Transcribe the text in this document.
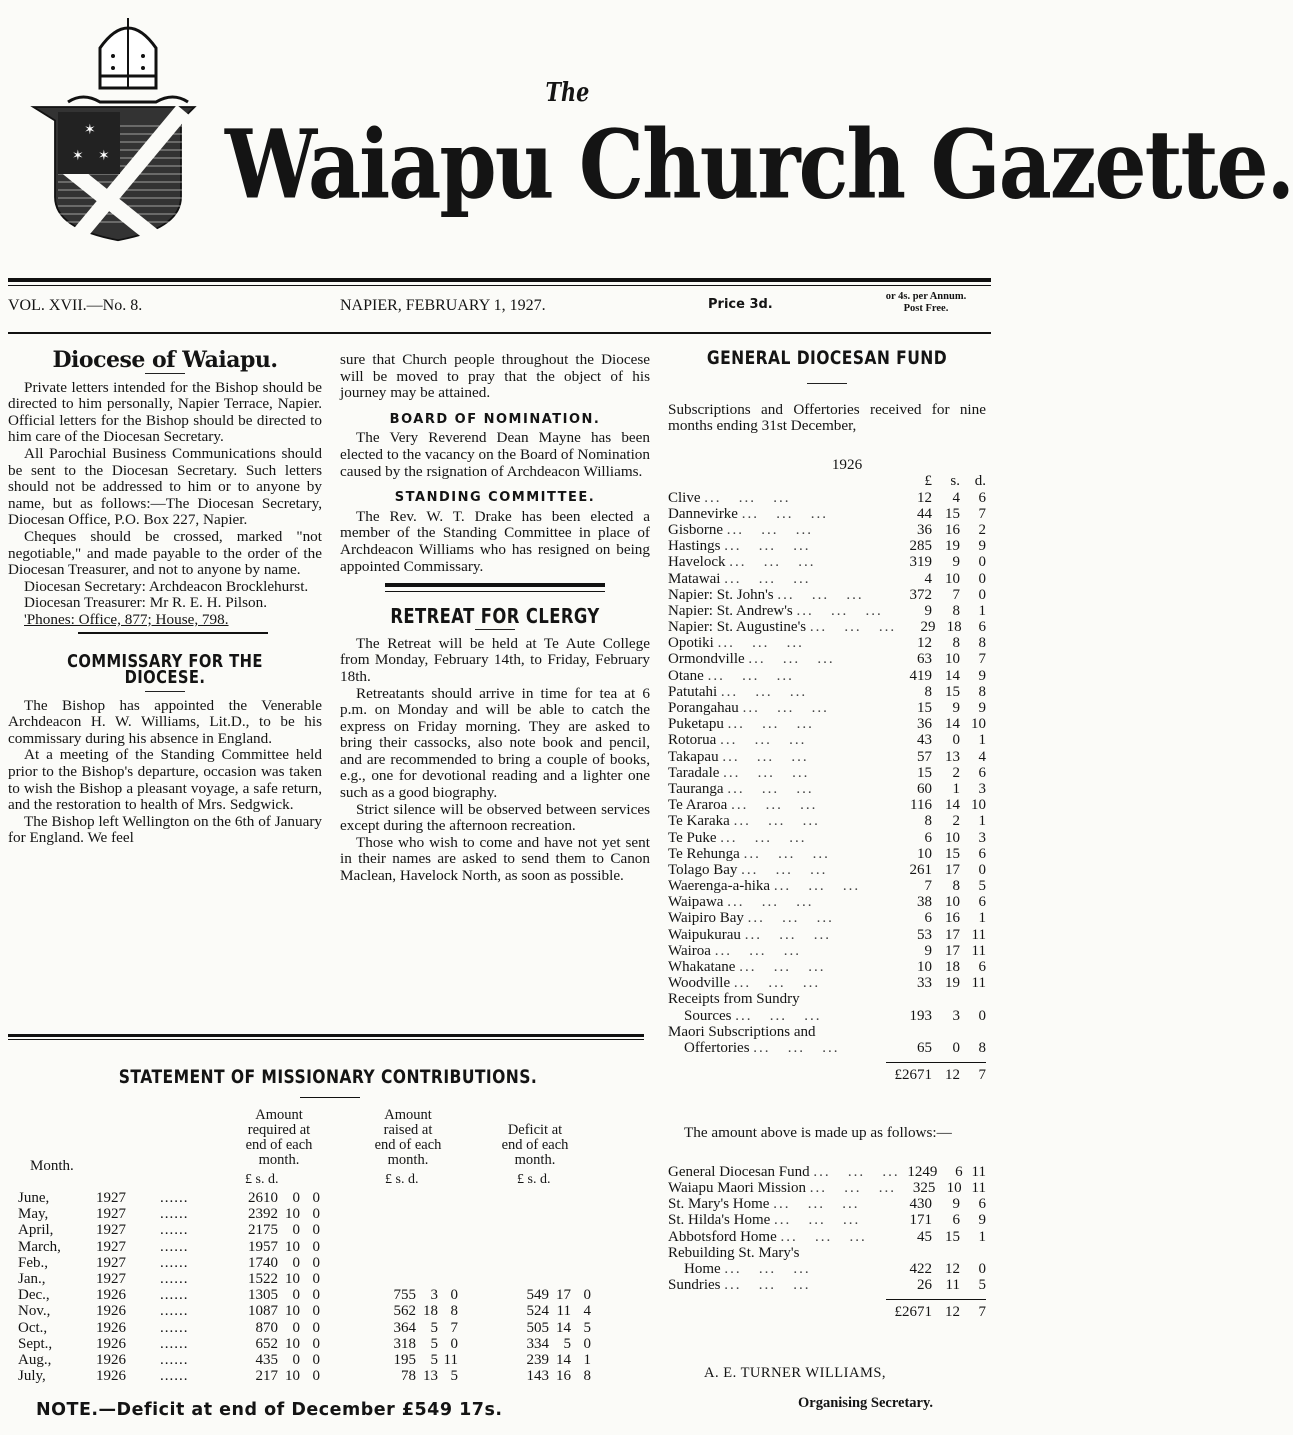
✶
✶ ✶
The
Waiapu Church Gazette.
VOL. XVII.—No. 8.	NAPIER, FEBRUARY 1, 1927.	Price 3d.
or 4s. per Annum.
Post Free.
Diocese of Waiapu.

Private letters intended for the Bishop should be directed to him personally, Napier Terrace, Napier. Official letters for the Bishop should be directed to him care of the Diocesan Secretary.

All Parochial Business Communications should be sent to the Diocesan Secretary. Such letters should not be addressed to him or to anyone by name, but as follows:—The Diocesan Secretary, Diocesan Office, P.O. Box 227, Napier.

Cheques should be crossed, marked "not negotiable," and made payable to the order of the Diocesan Treasurer, and not to anyone by name.

Diocesan Secretary: Archdeacon Brocklehurst.

Diocesan Treasurer: Mr R. E. H. Pilson.

'Phones: Office, 877; House, 798.

COMMISSARY FOR THE DIOCESE.

The Bishop has appointed the Venerable Archdeacon H. W. Williams, Lit.D., to be his commissary during his absence in England.

At a meeting of the Standing Committee held prior to the Bishop's departure, occasion was taken to wish the Bishop a pleasant voyage, a safe return, and the restoration to health of Mrs. Sedgwick.

The Bishop left Wellington on the 6th of January for England. We feel

sure that Church people throughout the Diocese will be moved to pray that the object of his journey may be attained.

BOARD OF NOMINATION.

The Very Reverend Dean Mayne has been elected to the vacancy on the Board of Nomination caused by the rsignation of Archdeacon Williams.

STANDING COMMITTEE.

The Rev. W. T. Drake has been elected a member of the Standing Committee in place of Archdeacon Williams who has resigned on being appointed Commissary.

RETREAT FOR CLERGY

The Retreat will be held at Te Aute College from Monday, February 14th, to Friday, February 18th.

Retreatants should arrive in time for tea at 6 p.m. on Monday and will be able to catch the express on Friday morning. They are asked to bring their cassocks, also note book and pencil, and are recommended to bring a couple of books, e.g., one for devotional reading and a lighter one such as a good biography.

Strict silence will be observed between services except during the afternoon recreation.

Those who wish to come and have not yet sent in their names are asked to send them to Canon Maclean, Havelock North, as soon as possible.

GENERAL DIOCESAN FUND

Subscriptions and Offertories received for nine months ending 31st December,

1926
£	s. d.
Clive ...   ...   ...	12	4	6
Dannevirke ...   ...   ...	44 15	7
Gisborne ...   ...   ...	36 16	2
Hastings ...   ...   ...	285 19	9
Havelock ...   ...   ...	319	9	0
Matawai ...   ...   ...	4 10	0
Napier: St. John's ...   ...   ...	372	7	0
Napier: St. Andrew's ...   ...   ...	9	8	1
Napier: St. Augustine's ...   ...   ...	29 18	6
Opotiki ...   ...   ...	12	8	8
Ormondville ...   ...   ...	63 10	7
Otane ...   ...   ...	419 14	9
Patutahi ...   ...   ...	8 15	8
Porangahau ...   ...   ...	15	9	9
Puketapu ...   ...   ...	36 14 10
Rotorua ...   ...   ...	43	0	1
Takapau ...   ...   ...	57 13	4
Taradale ...   ...   ...	15	2	6
Tauranga ...   ...   ...	60	1	3
Te Araroa ...   ...   ...	116 14 10
Te Karaka ...   ...   ...	8	2	1
Te Puke ...   ...   ...	6 10	3
Te Rehunga ...   ...   ...	10 15	6
Tolago Bay ...   ...   ...	261 17	0
Waerenga-a-hika ...   ...   ...	7	8	5
Waipawa ...   ...   ...	38 10	6
Waipiro Bay ...   ...   ...	6 16	1
Waipukurau ...   ...   ...	53 17 11
Wairoa ...   ...   ...	9 17 11
Whakatane ...   ...   ...	10 18	6
Woodville ...   ...   ...	33 19 11
Receipts from Sundry
Sources ...   ...   ...	193	3	0
Maori Subscriptions and
Offertories ...   ...   ...	65	0	8
£2671 12	7

The amount above is made up as follows:—

General Diocesan Fund ...   ...   ... 1249	6 11
Waiapu Maori Mission ...   ...   ...	325 10 11
St. Mary's Home ...   ...   ...	430	9	6
St. Hilda's Home ...   ...   ...	171	6	9
Abbotsford Home ...   ...   ...	45 15	1
Rebuilding St. Mary's
Home ...   ...   ...	422 12	0
Sundries ...   ...   ...	26 11	5
£2671 12	7
A. E. TURNER WILLIAMS,
Organising Secretary.
STATEMENT OF MISSIONARY CONTRIBUTIONS.
Amount
required at
end of each
month.
Amount
raised at
end of each
month.
Deficit at
end of each
month.
Month.
£ s. d.	£ s. d.	£ s. d.
June,	1927 ......	2610 0 0
May,	1927 ......	2392 10 0
April,	1927 ......	2175 0 0
March, 1927 ......	1957 10 0
Feb.,	1927 ......	1740 0 0
Jan.,	1927 ......	1522 10 0
Dec.,	1926 ......	1305 0 0	755 3 0	549 17 0
Nov.,	1926 ......	1087 10 0	562 18 8	524 11 4
Oct.,	1926 ......	870 0 0	364 5 7	505 14 5
Sept.,	1926 ......	652 10 0	318 5 0	334 5 0
Aug.,	1926 ......	435 0 0	195 5 11	239 14 1
July,	1926 ......	217 10 0	78 13 5	143 16 8
NOTE.—Deficit at end of December £549 17s.
